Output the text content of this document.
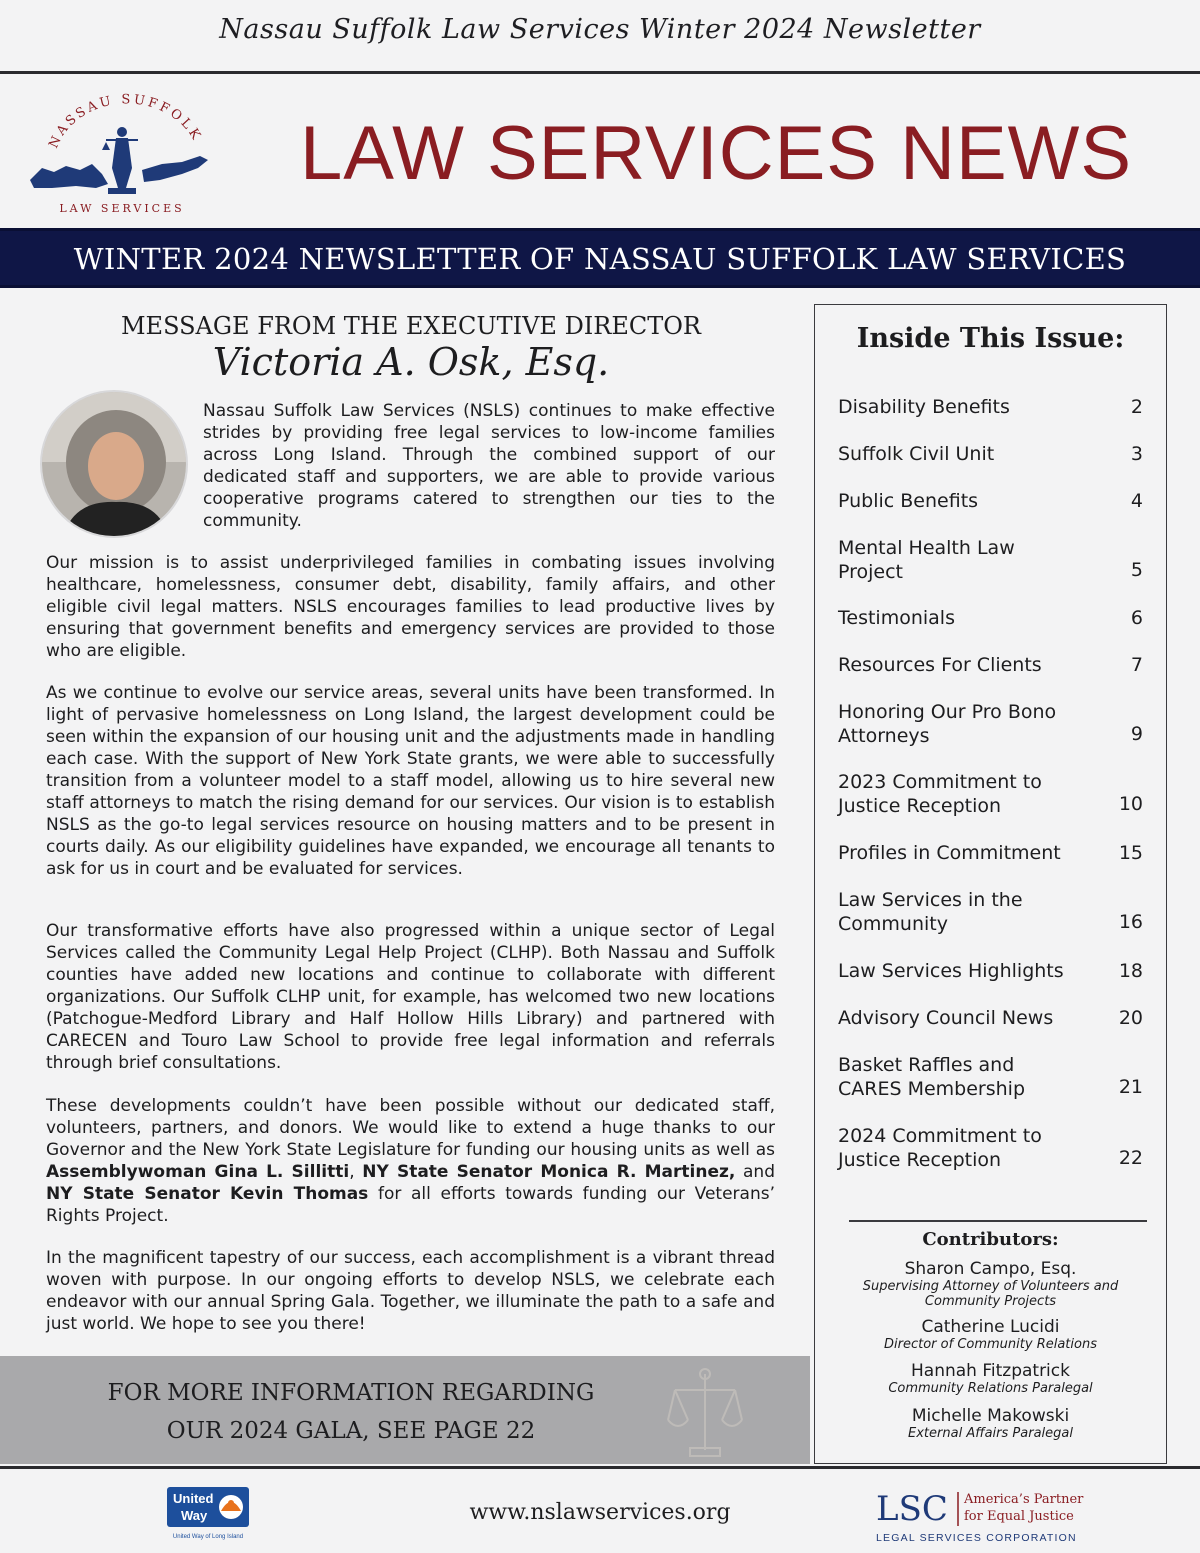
Nassau Suffolk Law Services Winter 2024 Newsletter
NASSAU SUFFOLK
LAW SERVICES
LAW SERVICES NEWS
WINTER 2024 NEWSLETTER OF NASSAU SUFFOLK LAW SERVICES
MESSAGE FROM THE EXECUTIVE DIRECTOR
Victoria A. Osk, Esq.

Nassau Suffolk Law Services (NSLS) continues to make effective strides by providing free legal services to low-income families across Long Island. Through the combined support of our dedicated staff and supporters, we are able to provide various cooperative programs catered to strengthen our ties to the community.

Our mission is to assist underprivileged families in combating issues involving healthcare, homelessness, consumer debt, disability, family affairs, and other eligible civil legal matters. NSLS encourages families to lead productive lives by ensuring that government benefits and emergency services are provided to those who are eligible.

As we continue to evolve our service areas, several units have been transformed. In light of pervasive homelessness on Long Island, the largest development could be seen within the expansion of our housing unit and the adjustments made in handling each case. With the support of New York State grants, we were able to successfully transition from a volunteer model to a staff model, allowing us to hire several new staff attorneys to match the rising demand for our services. Our vision is to establish NSLS as the go-to legal services resource on housing matters and to be present in courts daily. As our eligibility guidelines have expanded, we encourage all tenants to ask for us in court and be evaluated for services.

Our transformative efforts have also progressed within a unique sector of Legal Services called the Community Legal Help Project (CLHP). Both Nassau and Suffolk counties have added new locations and continue to collaborate with different organizations. Our Suffolk CLHP unit, for example, has welcomed two new locations (Patchogue-Medford Library and Half Hollow Hills Library) and partnered with CARECEN and Touro Law School to provide free legal information and referrals through brief consultations.

These developments couldn’t have been possible without our dedicated staff, volunteers, partners, and donors. We would like to extend a huge thanks to our Governor and the New York State Legislature for funding our housing units as well as Assemblywoman Gina L. Sillitti, NY State Senator Monica R. Martinez, and NY State Senator Kevin Thomas for all efforts towards funding our Veterans’ Rights Project.

In the magnificent tapestry of our success, each accomplishment is a vibrant thread woven with purpose. In our ongoing efforts to develop NSLS, we celebrate each endeavor with our annual Spring Gala. Together, we illuminate the path to a safe and just world. We hope to see you there!

FOR MORE INFORMATION REGARDING
OUR 2024 GALA, SEE PAGE 22
Inside This Issue:
Disability Benefits	2
Suffolk Civil Unit	3
Public Benefits	4
Mental Health Law Project	5
Testimonials	6
Resources For Clients	7
Honoring Our Pro Bono Attorneys	9
2023 Commitment to Justice Reception	10
Profiles in Commitment	15
Law Services in the Community	16
Law Services Highlights	18
Advisory Council News	20
Basket Raffles and CARES Membership	21
2024 Commitment to Justice Reception	22
Contributors:
Sharon Campo, Esq.
Supervising Attorney of Volunteers and Community Projects
Catherine Lucidi
Director of Community Relations
Hannah Fitzpatrick
Community Relations Paralegal
Michelle Makowski
External Affairs Paralegal
United
Way
United Way of Long Island
www.nslawservices.org	LSC America’s Partner
for Equal Justice
LEGAL SERVICES CORPORATION
